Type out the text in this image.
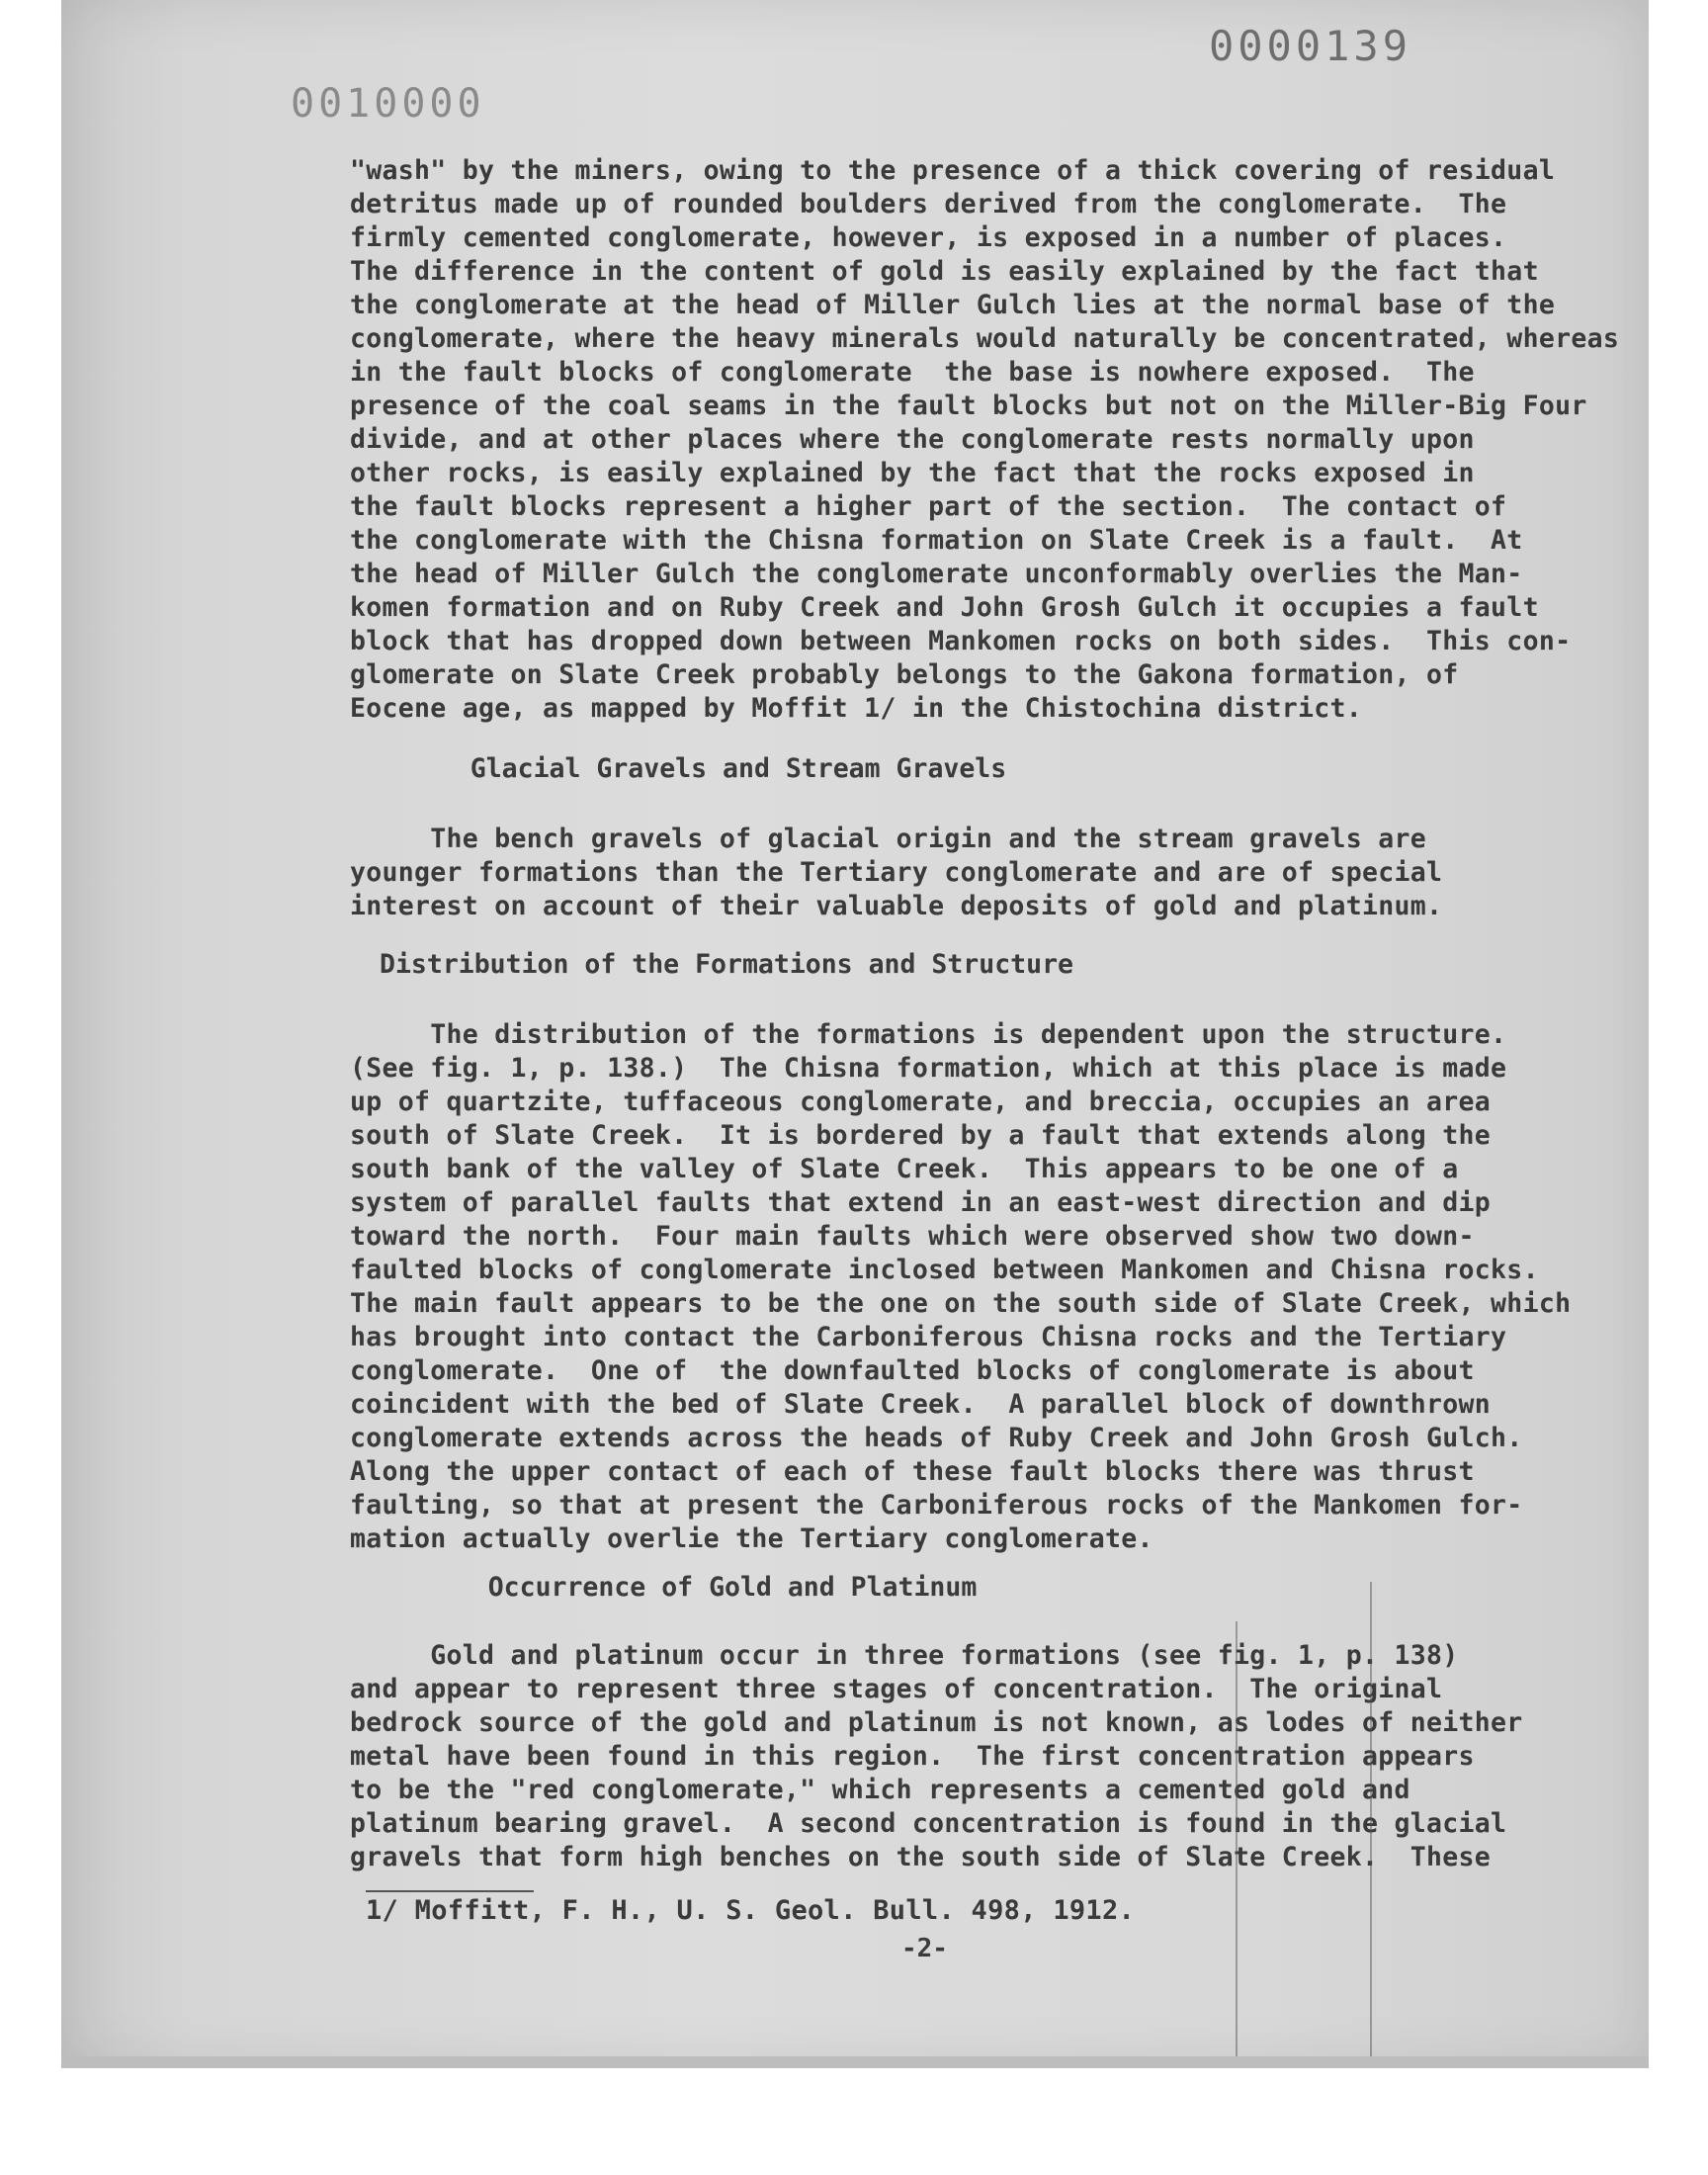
0000139
0010000
"wash" by the miners, owing to the presence of a thick covering of residual
detritus made up of rounded boulders derived from the conglomerate.  The
firmly cemented conglomerate, however, is exposed in a number of places.
The difference in the content of gold is easily explained by the fact that
the conglomerate at the head of Miller Gulch lies at the normal base of the
conglomerate, where the heavy minerals would naturally be concentrated, whereas
in the fault blocks of conglomerate  the base is nowhere exposed.  The
presence of the coal seams in the fault blocks but not on the Miller-Big Four
divide, and at other places where the conglomerate rests normally upon
other rocks, is easily explained by the fact that the rocks exposed in
the fault blocks represent a higher part of the section.  The contact of
the conglomerate with the Chisna formation on Slate Creek is a fault.  At
the head of Miller Gulch the conglomerate unconformably overlies the Man-
komen formation and on Ruby Creek and John Grosh Gulch it occupies a fault
block that has dropped down between Mankomen rocks on both sides.  This con-
glomerate on Slate Creek probably belongs to the Gakona formation, of
Eocene age, as mapped by Moffit 1/ in the Chistochina district.
Glacial Gravels and Stream Gravels
The bench gravels of glacial origin and the stream gravels are
younger formations than the Tertiary conglomerate and are of special
interest on account of their valuable deposits of gold and platinum.
Distribution of the Formations and Structure
The distribution of the formations is dependent upon the structure.
(See fig. 1, p. 138.)  The Chisna formation, which at this place is made
up of quartzite, tuffaceous conglomerate, and breccia, occupies an area
south of Slate Creek.  It is bordered by a fault that extends along the
south bank of the valley of Slate Creek.  This appears to be one of a
system of parallel faults that extend in an east-west direction and dip
toward the north.  Four main faults which were observed show two down-
faulted blocks of conglomerate inclosed between Mankomen and Chisna rocks.
The main fault appears to be the one on the south side of Slate Creek, which
has brought into contact the Carboniferous Chisna rocks and the Tertiary
conglomerate.  One of  the downfaulted blocks of conglomerate is about
coincident with the bed of Slate Creek.  A parallel block of downthrown
conglomerate extends across the heads of Ruby Creek and John Grosh Gulch.
Along the upper contact of each of these fault blocks there was thrust
faulting, so that at present the Carboniferous rocks of the Mankomen for-
mation actually overlie the Tertiary conglomerate.
Occurrence of Gold and Platinum
Gold and platinum occur in three formations (see fig. 1, p. 138)
and appear to represent three stages of concentration.  The original
bedrock source of the gold and platinum is not known, as lodes of neither
metal have been found in this region.  The first concentration appears
to be the "red conglomerate," which represents a cemented gold and
platinum bearing gravel.  A second concentration is found in the glacial
gravels that form high benches on the south side of Slate Creek.  These
1/ Moffitt, F. H., U. S. Geol. Bull. 498, 1912.
-2-
